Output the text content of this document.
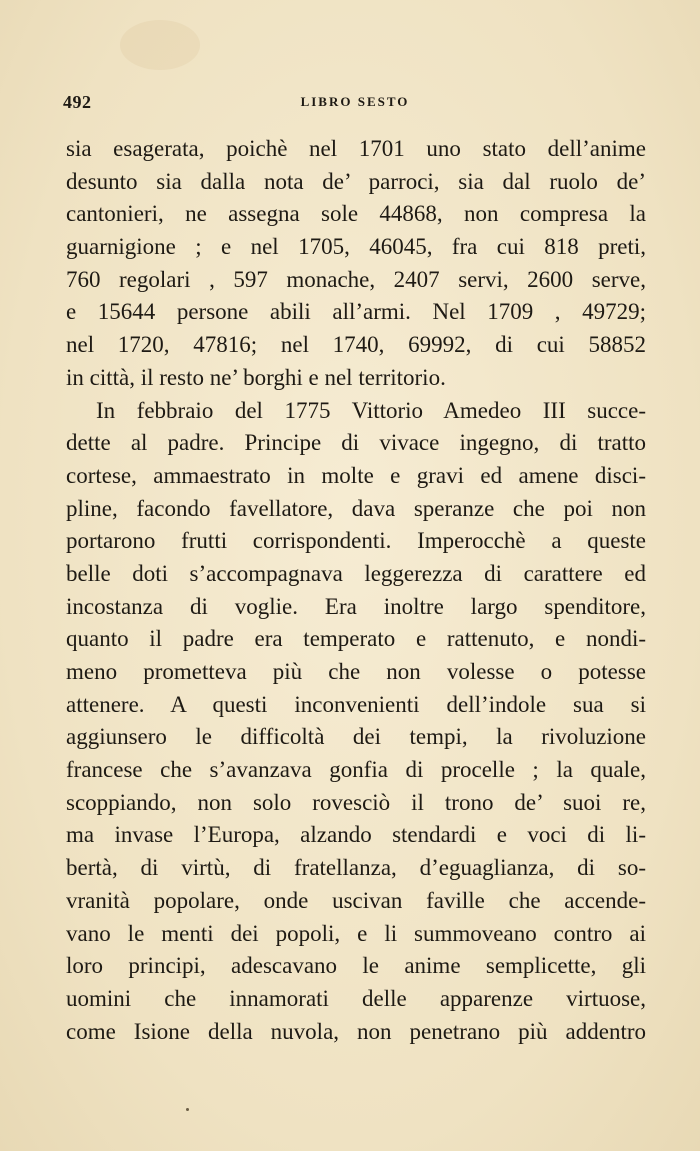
492	LIBRO SESTO
sia esagerata, poichè nel 1701 uno stato dell’anime
desunto sia dalla nota de’ parroci, sia dal ruolo de’
cantonieri, ne assegna sole 44868, non compresa la
guarnigione ; e nel 1705, 46045, fra cui 818 preti,
760 regolari , 597 monache, 2407 servi, 2600 serve,
e 15644 persone abili all’armi. Nel 1709 , 49729;
nel 1720, 47816; nel 1740, 69992, di cui 58852
in città, il resto ne’ borghi e nel territorio.
In febbraio del 1775 Vittorio Amedeo III succe-
dette al padre. Principe di vivace ingegno, di tratto
cortese, ammaestrato in molte e gravi ed amene disci-
pline, facondo favellatore, dava speranze che poi non
portarono frutti corrispondenti. Imperocchè a queste
belle doti s’accompagnava leggerezza di carattere ed
incostanza di voglie. Era inoltre largo spenditore,
quanto il padre era temperato e rattenuto, e nondi-
meno prometteva più che non volesse o potesse
attenere. A questi inconvenienti dell’indole sua si
aggiunsero le difficoltà dei tempi, la rivoluzione
francese che s’avanzava gonfia di procelle ; la quale,
scoppiando, non solo rovesciò il trono de’ suoi re,
ma invase l’Europa, alzando stendardi e voci di li-
bertà, di virtù, di fratellanza, d’eguaglianza, di so-
vranità popolare, onde uscivan faville che accende-
vano le menti dei popoli, e li summoveano contro ai
loro principi, adescavano le anime semplicette, gli
uomini che innamorati delle apparenze virtuose,
come Isione della nuvola, non penetrano più addentro
